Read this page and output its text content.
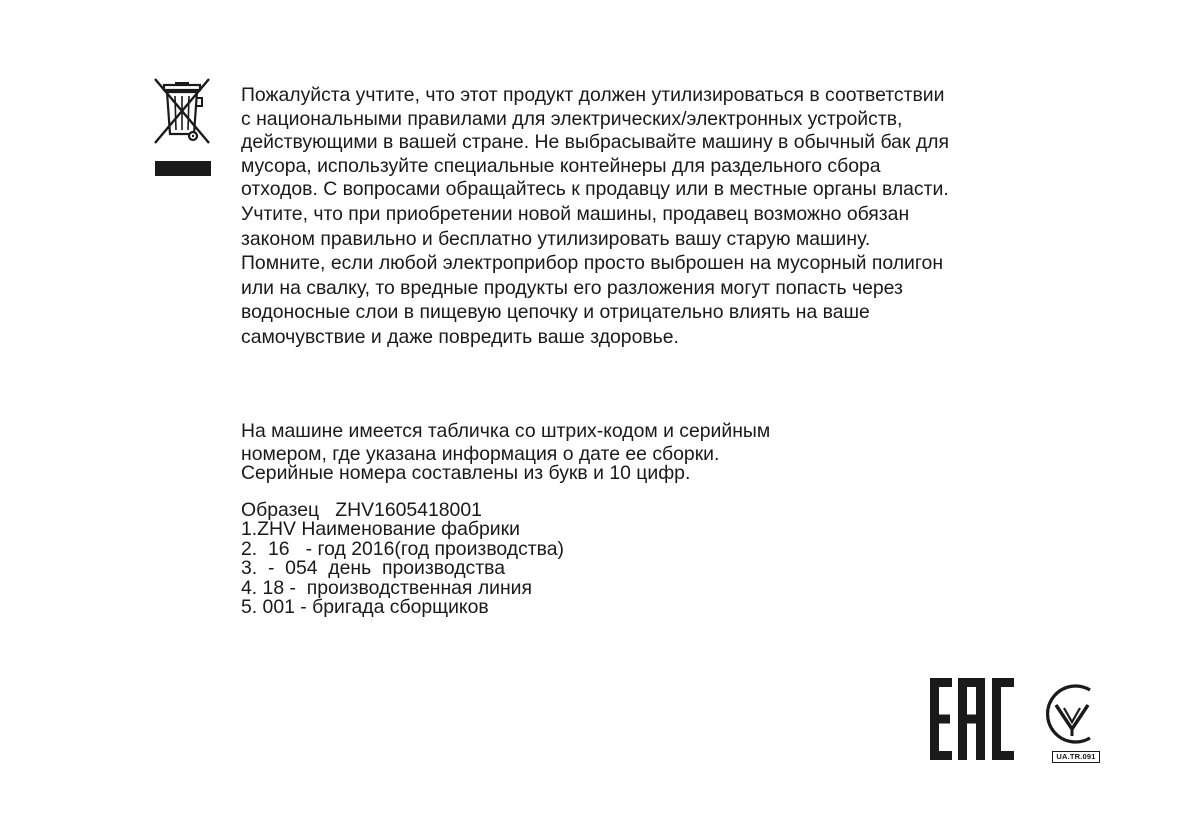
Пожалуйста учтите, что этот продукт должен утилизироваться в соответствии
с национальными правилами для электрических/электронных устройств,
действующими в вашей стране. Не выбрасывайте машину в обычный бак для
мусора, используйте специальные контейнеры для раздельного сбора
отходов. С вопросами обращайтесь к продавцу или в местные органы власти.
Учтите, что при приобретении новой машины, продавец возможно обязан
законом правильно и бесплатно утилизировать вашу старую машину.
Помните, если любой электроприбор просто выброшен на мусорный полигон
или на свалку, то вредные продукты его разложения могут попасть через
водоносные слои в пищевую цепочку и отрицательно влиять на ваше
самочувствие и даже повредить ваше здоровье.

На машине имеется табличка со штрих-кодом и серийным
номером, где указана информация о дате ее сборки.
Серийные номера составлены из букв и 10 цифр.

Образец   ZHV1605418001
1.ZHV Наименование фабрики
2.  16   - год 2016(год производства)
3.  -  054  день  производства
4. 18 -  производственная линия
5. 001 - бригада сборщиков

UA.TR.091
